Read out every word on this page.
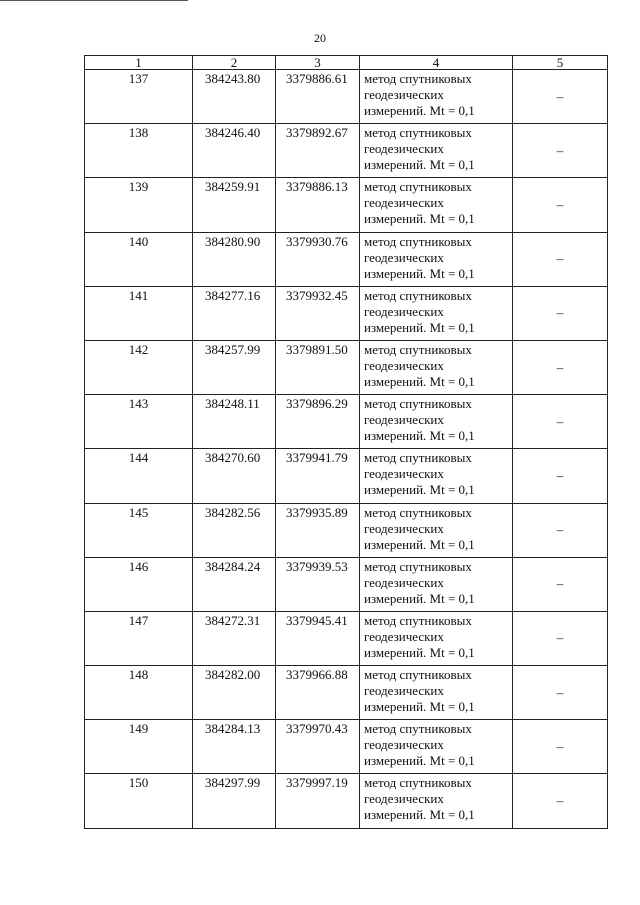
20
1	2	3	4	5
137	384243.80	3379886.61	метод спутниковых
геодезических
измерений. Mt = 0,1	–
138	384246.40	3379892.67	метод спутниковых
геодезических
измерений. Mt = 0,1	–
139	384259.91	3379886.13	метод спутниковых
геодезических
измерений. Mt = 0,1	–
140	384280.90	3379930.76	метод спутниковых
геодезических
измерений. Mt = 0,1	–
141	384277.16	3379932.45	метод спутниковых
геодезических
измерений. Mt = 0,1	–
142	384257.99	3379891.50	метод спутниковых
геодезических
измерений. Mt = 0,1	–
143	384248.11	3379896.29	метод спутниковых
геодезических
измерений. Mt = 0,1	–
144	384270.60	3379941.79	метод спутниковых
геодезических
измерений. Mt = 0,1	–
145	384282.56	3379935.89	метод спутниковых
геодезических
измерений. Mt = 0,1	–
146	384284.24	3379939.53	метод спутниковых
геодезических
измерений. Mt = 0,1	–
147	384272.31	3379945.41	метод спутниковых
геодезических
измерений. Mt = 0,1	–
148	384282.00	3379966.88	метод спутниковых
геодезических
измерений. Mt = 0,1	–
149	384284.13	3379970.43	метод спутниковых
геодезических
измерений. Mt = 0,1	–
150	384297.99	3379997.19	метод спутниковых
геодезических
измерений. Mt = 0,1	–
